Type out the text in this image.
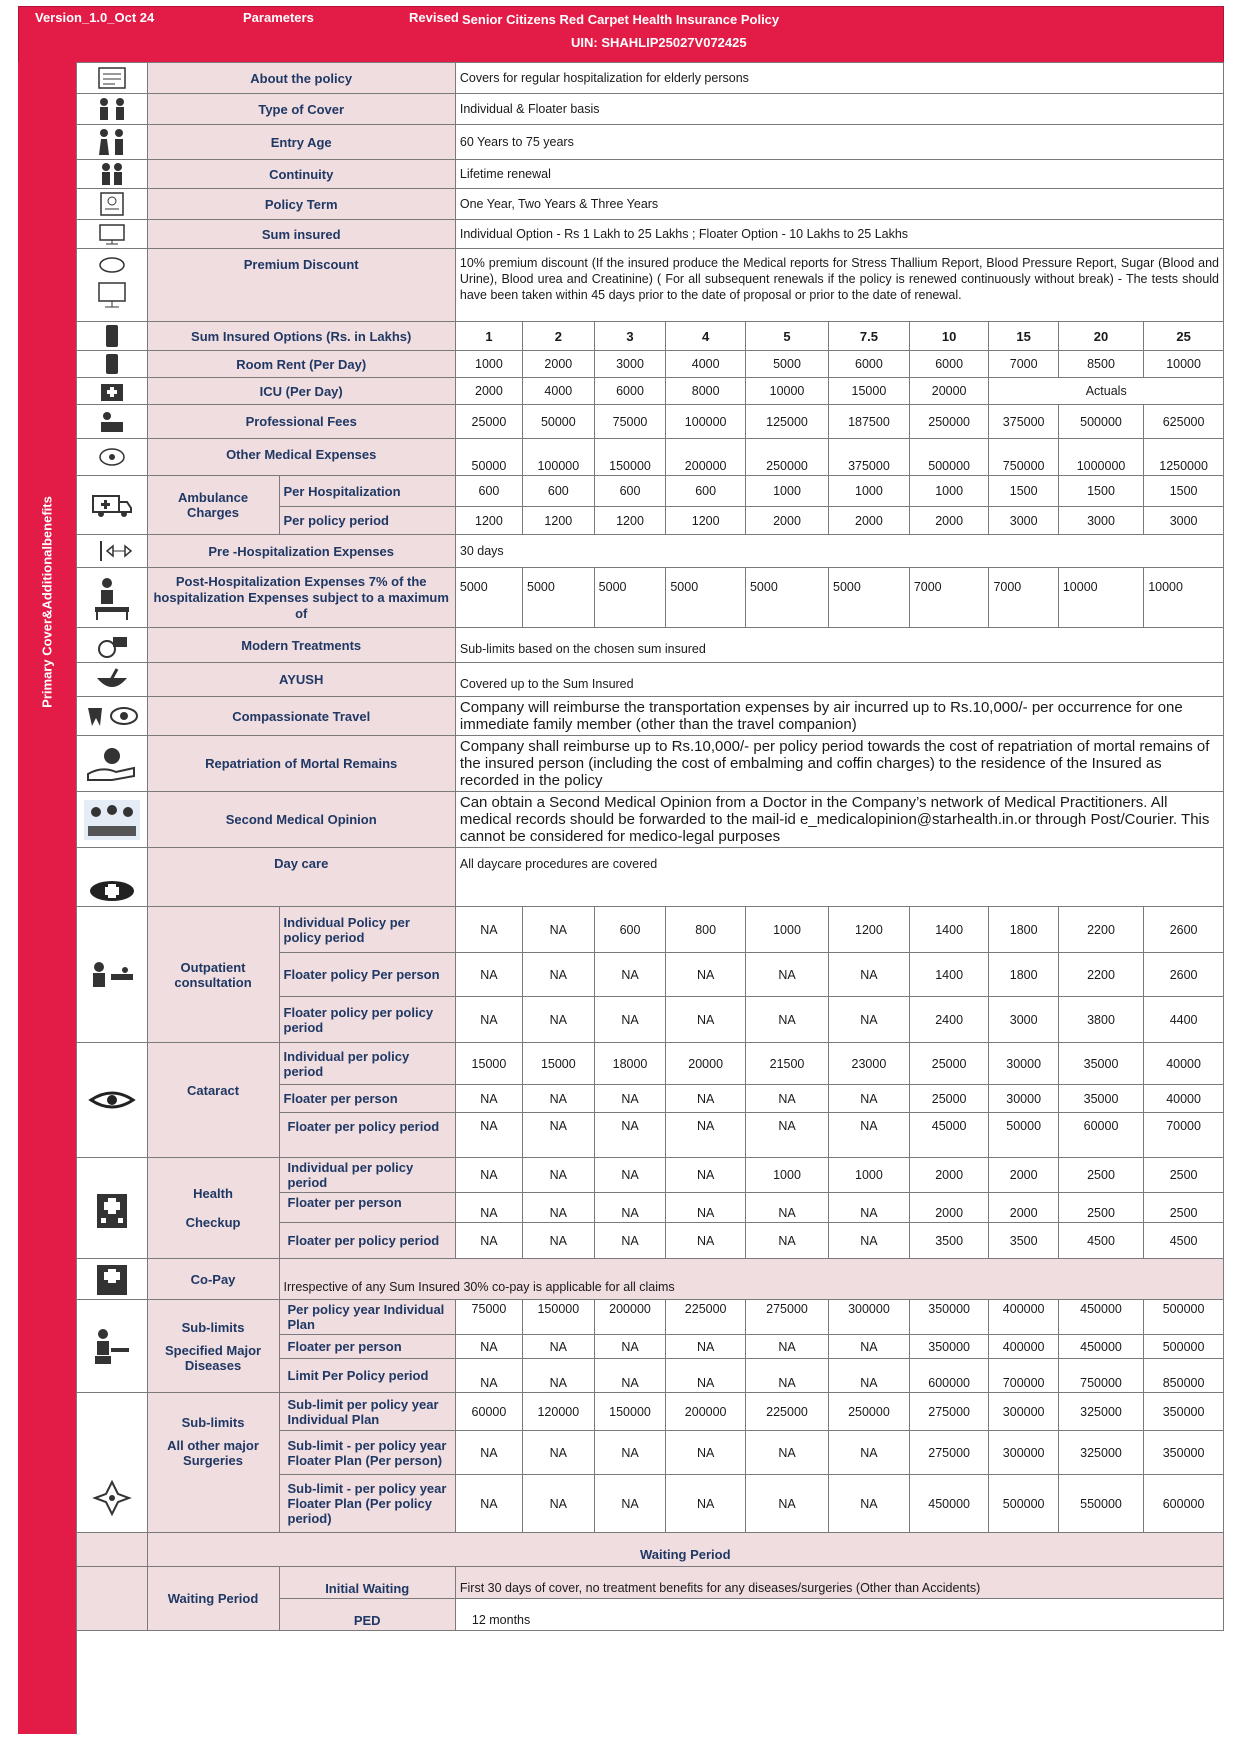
Version_1.0_Oct 24	Parameters	Revised Senior Citizens Red Carpet Health Insurance Policy
UIN: SHAHLIP25027V072425
Primary Cover&Additionalbenefits
	About the policy		Covers for regular hospitalization for elderly persons									
	Type of Cover		Individual & Floater basis									
	Entry Age		60 Years to 75 years									
	Continuity		Lifetime renewal									
	Policy Term		One Year, Two Years & Three Years									
	Sum insured		Individual Option - Rs 1 Lakh to 25 Lakhs ; Floater Option - 10 Lakhs to 25 Lakhs									
	Premium Discount		10% premium discount (If the insured produce the Medical reports for Stress Thallium Report, Blood Pressure Report, Sugar (Blood and Urine), Blood urea and Creatinine) ( For all subsequent renewals if the policy is renewed continuously without break) - The tests should have been taken within 45 days prior to the date of proposal or prior to the date of renewal.									
	Sum Insured Options (Rs. in Lakhs)		1	2	3	4	5	7.5	10	15	20	25
	Room Rent (Per Day)		1000	2000	3000	4000	5000	6000	6000	7000	8500	10000
	ICU (Per Day)		2000	4000	6000	8000	10000	15000	20000	Actuals		
	Professional Fees		25000	50000	75000	100000	125000	187500	250000	375000	500000	625000
	Other Medical Expenses		50000	100000	150000	200000	250000	375000	500000	750000	1000000	1250000
	Ambulance Charges	Per Hospitalization	600	600	600	600	1000	1000	1000	1500	1500	1500
		Per policy period	1200	1200	1200	1200	2000	2000	2000	3000	3000	3000
	Pre -Hospitalization Expenses		30 days									
	Post-Hospitalization Expenses 7% of the hospitalization Expenses subject to a maximum of		5000	5000	5000	5000	5000	5000	7000	7000	10000	10000
	Modern Treatments		Sub-limits based on the chosen sum insured									
	AYUSH		Covered up to the Sum Insured									
	Compassionate Travel		Company will reimburse the transportation expenses by air incurred up to Rs.10,000/- per occurrence for one immediate family member (other than the travel companion)									
	Repatriation of Mortal Remains		Company shall reimburse up to Rs.10,000/- per policy period towards the cost of repatriation of mortal remains of the insured person (including the cost of embalming and coffin charges) to the residence of the Insured as recorded in the policy									
	Second Medical Opinion		Can obtain a Second Medical Opinion from a Doctor in the Company’s network of Medical Practitioners. All medical records should be forwarded to the mail-id e_medicalopinion@starhealth.in.or through Post/Courier. This cannot be considered for medico-legal purposes									
	Day care		All daycare procedures are covered									
	Outpatient consultation	Individual Policy per policy period	NA	NA	600	800	1000	1200	1400	1800	2200	2600
		Floater policy Per person	NA	NA	NA	NA	NA	NA	1400	1800	2200	2600
		Floater policy per policy period	NA	NA	NA	NA	NA	NA	2400	3000	3800	4400
	Cataract	Individual per policy period	15000	15000	18000	20000	21500	23000	25000	30000	35000	40000
		Floater per person	NA	NA	NA	NA	NA	NA	25000	30000	35000	40000
		Floater per policy period	NA	NA	NA	NA	NA	NA	45000	50000	60000	70000

Health
Checkup	Individual per policy period	NA	NA	NA	NA	1000	1000	2000	2000	2500	2500
		Floater per person	NA	NA	NA	NA	NA	NA	2000	2000	2500	2500
		Floater per policy period	NA	NA	NA	NA	NA	NA	3500	3500	4500	4500
	Co-Pay	Irrespective of any Sum Insured 30% co-pay is applicable for all claims										

Sub-limits
Specified Major Diseases	Per policy year Individual Plan	75000	150000	200000	225000	275000	300000	350000	400000	450000	500000
		Floater per person	NA	NA	NA	NA	NA	NA	350000	400000	450000	500000
		Limit Per Policy period	NA	NA	NA	NA	NA	NA	600000	700000	750000	850000

Sub-limits
All other major Surgeries	Sub-limit per policy year Individual Plan	60000	120000	150000	200000	225000	250000	275000	300000	325000	350000
		Sub-limit - per policy year Floater Plan (Per person)	NA	NA	NA	NA	NA	NA	275000	300000	325000	350000
		Sub-limit - per policy year Floater Plan (Per policy period)	NA	NA	NA	NA	NA	NA	450000	500000	550000	600000
	Waiting Period											
	Waiting Period	Initial Waiting	First 30 days of cover, no treatment benefits for any diseases/surgeries (Other than Accidents)									
		PED	12 months									
